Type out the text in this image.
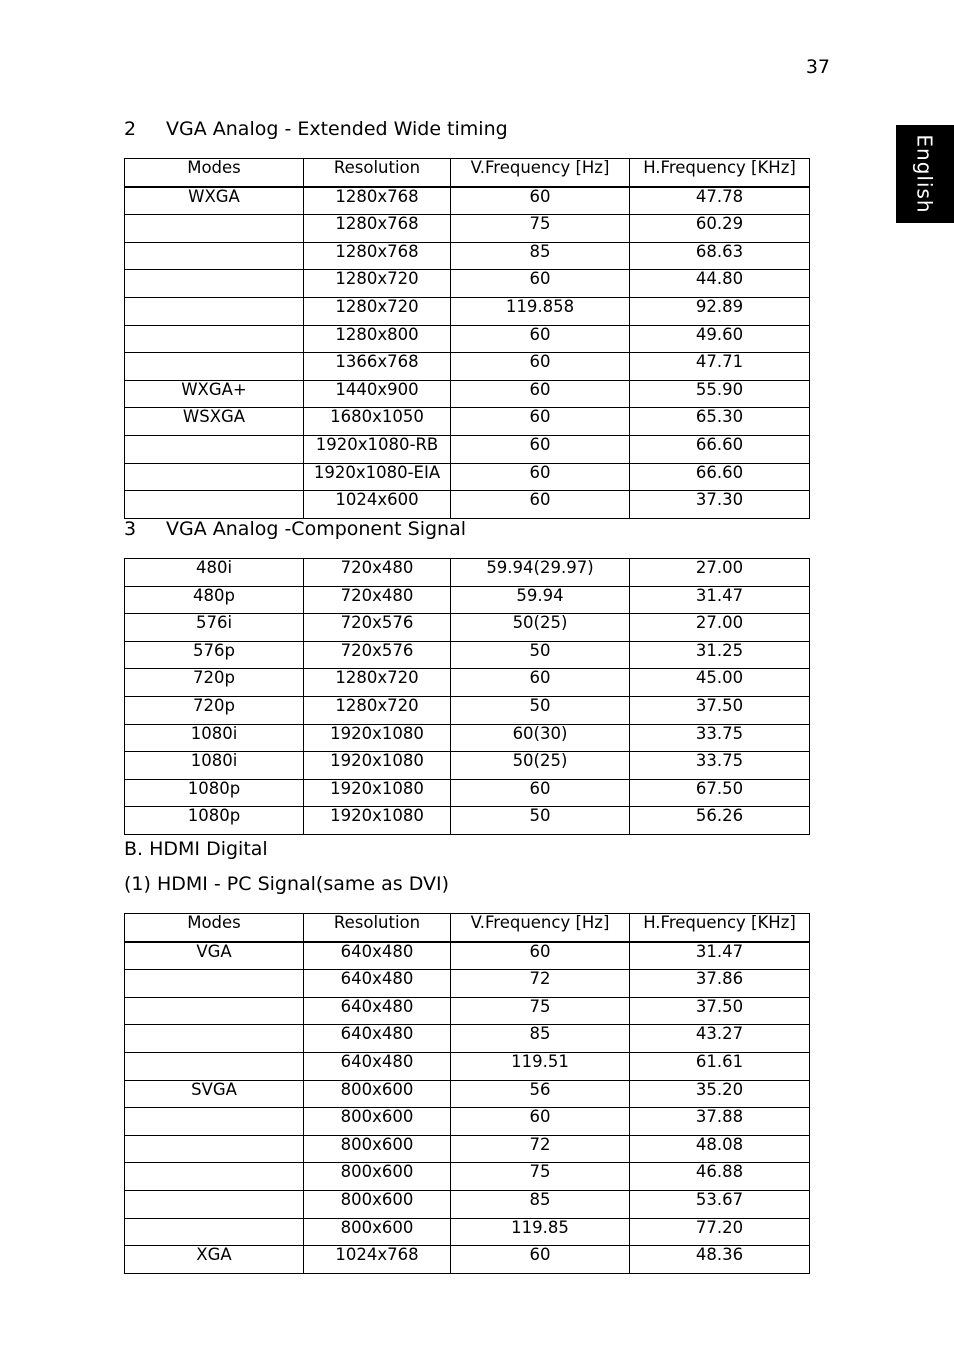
37
English
2 VGA Analog - Extended Wide timing
Modes	Resolution	V.Frequency [Hz]	H.Frequency [KHz]
WXGA	1280x768	60	47.78
	1280x768	75	60.29
	1280x768	85	68.63
	1280x720	60	44.80
	1280x720	119.858	92.89
	1280x800	60	49.60
	1366x768	60	47.71
WXGA+	1440x900	60	55.90
WSXGA	1680x1050	60	65.30
	1920x1080-RB	60	66.60
	1920x1080-EIA	60	66.60
	1024x600	60	37.30
3 VGA Analog -Component Signal
480i	720x480	59.94(29.97)	27.00
480p	720x480	59.94	31.47
576i	720x576	50(25)	27.00
576p	720x576	50	31.25
720p	1280x720	60	45.00
720p	1280x720	50	37.50
1080i	1920x1080	60(30)	33.75
1080i	1920x1080	50(25)	33.75
1080p	1920x1080	60	67.50
1080p	1920x1080	50	56.26
B. HDMI Digital
(1) HDMI - PC Signal(same as DVI)
Modes	Resolution	V.Frequency [Hz]	H.Frequency [KHz]
VGA	640x480	60	31.47
	640x480	72	37.86
	640x480	75	37.50
	640x480	85	43.27
	640x480	119.51	61.61
SVGA	800x600	56	35.20
	800x600	60	37.88
	800x600	72	48.08
	800x600	75	46.88
	800x600	85	53.67
	800x600	119.85	77.20
XGA	1024x768	60	48.36
